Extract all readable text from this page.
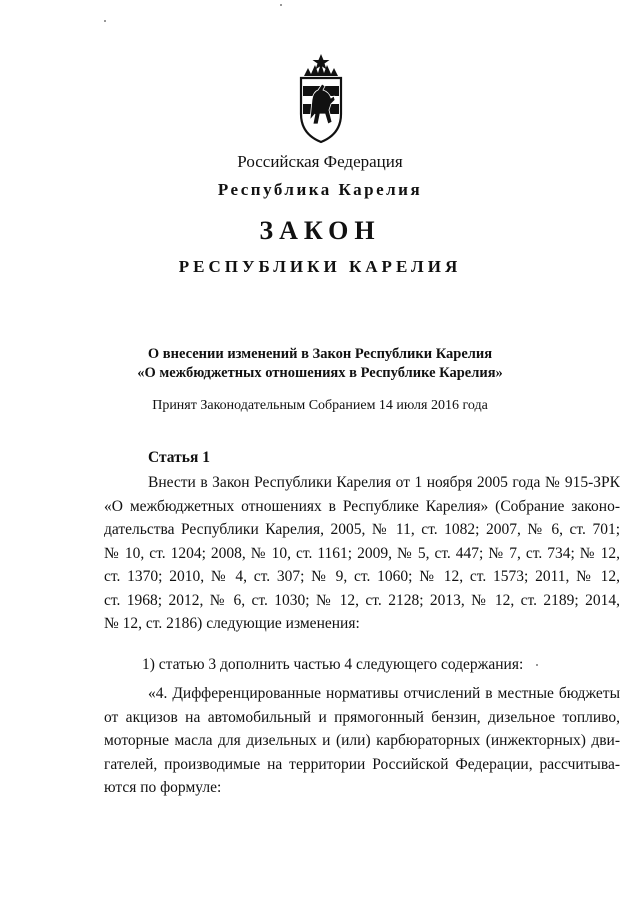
Российская Федерация
Республика Карелия
ЗАКОН
РЕСПУБЛИКИ КАРЕЛИЯ
О внесении изменений в Закон Республики Карелия
«О межбюджетных отношениях в Республике Карелия»
Принят Законодательным Собранием 14 июля 2016 года
Статья 1
Внести в Закон Республики Карелия от 1 ноября 2005 года № 915-ЗРК
«О межбюджетных отношениях в Республике Карелия» (Собрание законо-
дательства Республики Карелия, 2005, № 11, ст. 1082; 2007, № 6, ст. 701;
№ 10, ст. 1204; 2008, № 10, ст. 1161; 2009, № 5, ст. 447; № 7, ст. 734; № 12,
ст. 1370; 2010, № 4, ст. 307; № 9, ст. 1060; № 12, ст. 1573; 2011, № 12,
ст. 1968; 2012, № 6, ст. 1030; № 12, ст. 2128; 2013, № 12, ст. 2189; 2014,
№ 12, ст. 2186) следующие изменения:
1) статью 3 дополнить частью 4 следующего содержания:
«4. Дифференцированные нормативы отчислений в местные бюджеты
от акцизов на автомобильный и прямогонный бензин, дизельное топливо,
моторные масла для дизельных и (или) карбюраторных (инжекторных) дви-
гателей, производимые на территории Российской Федерации, рассчитыва-
ются по формуле:
